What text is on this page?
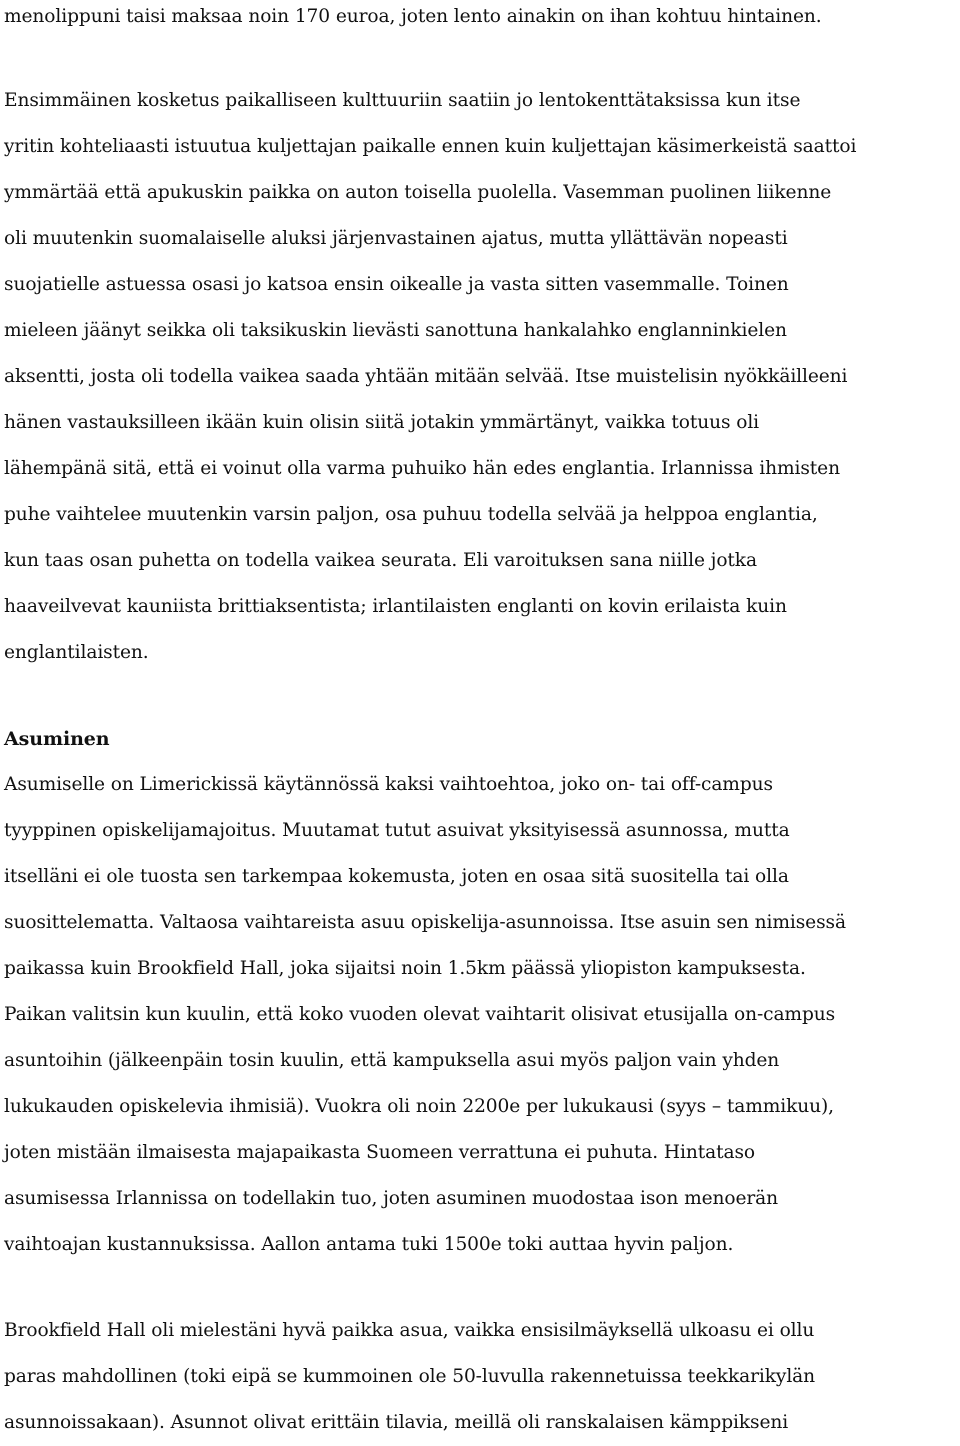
menolippuni taisi maksaa noin 170 euroa, joten lento ainakin on ihan kohtuu hintainen.
Ensimmäinen kosketus paikalliseen kulttuuriin saatiin jo lentokenttätaksissa kun itse
yritin kohteliaasti istuutua kuljettajan paikalle ennen kuin kuljettajan käsimerkeistä saattoi
ymmärtää että apukuskin paikka on auton toisella puolella. Vasemman puolinen liikenne
oli muutenkin suomalaiselle aluksi järjenvastainen ajatus, mutta yllättävän nopeasti
suojatielle astuessa osasi jo katsoa ensin oikealle ja vasta sitten vasemmalle. Toinen
mieleen jäänyt seikka oli taksikuskin lievästi sanottuna hankalahko englanninkielen
aksentti, josta oli todella vaikea saada yhtään mitään selvää. Itse muistelisin nyökkäilleeni
hänen vastauksilleen ikään kuin olisin siitä jotakin ymmärtänyt, vaikka totuus oli
lähempänä sitä, että ei voinut olla varma puhuiko hän edes englantia. Irlannissa ihmisten
puhe vaihtelee muutenkin varsin paljon, osa puhuu todella selvää ja helppoa englantia,
kun taas osan puhetta on todella vaikea seurata. Eli varoituksen sana niille jotka
haaveilvevat kauniista brittiaksentista; irlantilaisten englanti on kovin erilaista kuin
englantilaisten.
Asuminen
Asumiselle on Limerickissä käytännössä kaksi vaihtoehtoa, joko on- tai off-campus
tyyppinen opiskelijamajoitus. Muutamat tutut asuivat yksityisessä asunnossa, mutta
itselläni ei ole tuosta sen tarkempaa kokemusta, joten en osaa sitä suositella tai olla
suosittelematta. Valtaosa vaihtareista asuu opiskelija-asunnoissa. Itse asuin sen nimisessä
paikassa kuin Brookfield Hall, joka sijaitsi noin 1.5km päässä yliopiston kampuksesta.
Paikan valitsin kun kuulin, että koko vuoden olevat vaihtarit olisivat etusijalla on-campus
asuntoihin (jälkeenpäin tosin kuulin, että kampuksella asui myös paljon vain yhden
lukukauden opiskelevia ihmisiä). Vuokra oli noin 2200e per lukukausi (syys – tammikuu),
joten mistään ilmaisesta majapaikasta Suomeen verrattuna ei puhuta. Hintataso
asumisessa Irlannissa on todellakin tuo, joten asuminen muodostaa ison menoerän
vaihtoajan kustannuksissa. Aallon antama tuki 1500e toki auttaa hyvin paljon.
Brookfield Hall oli mielestäni hyvä paikka asua, vaikka ensisilmäyksellä ulkoasu ei ollu
paras mahdollinen (toki eipä se kummoinen ole 50-luvulla rakennetuissa teekkarikylän
asunnoissakaan). Asunnot olivat erittäin tilavia, meillä oli ranskalaisen kämppikseni
